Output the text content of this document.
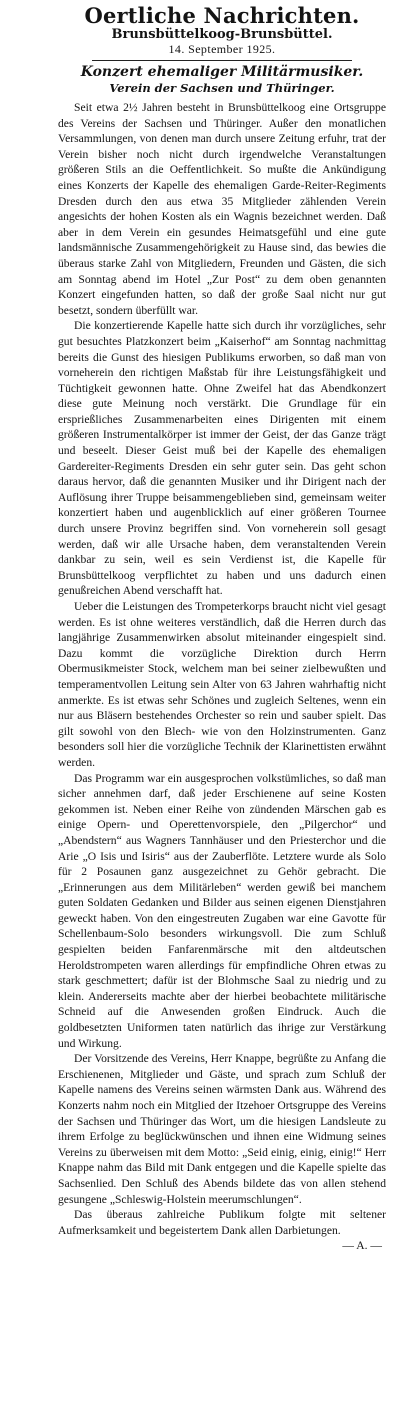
Oertliche Nachrichten.
Brunsbüttelkoog-Brunsbüttel.
14. September 1925.
Konzert ehemaliger Militärmusiker.
Verein der Sachsen und Thüringer.

Seit etwa 2½ Jahren besteht in Brunsbüttelkoog eine Ortsgruppe des Vereins der Sachsen und Thüringer. Außer den monatlichen Versammlungen, von denen man durch unsere Zeitung erfuhr, trat der Verein bisher noch nicht durch irgendwelche Veranstaltungen größeren Stils an die Oeffentlichkeit. So mußte die Ankündigung eines Konzerts der Kapelle des ehemaligen Garde-Reiter-Regiments Dresden durch den aus etwa 35 Mitglieder zählenden Verein angesichts der hohen Kosten als ein Wagnis bezeichnet werden. Daß aber in dem Verein ein gesundes Heimatsgefühl und eine gute landsmännische Zusammengehörigkeit zu Hause sind, das bewies die überaus starke Zahl von Mitgliedern, Freunden und Gästen, die sich am Sonntag abend im Hotel „Zur Post“ zu dem oben genannten Konzert eingefunden hatten, so daß der große Saal nicht nur gut besetzt, sondern überfüllt war.

Die konzertierende Kapelle hatte sich durch ihr vorzügliches, sehr gut besuchtes Platzkonzert beim „Kaiserhof“ am Sonntag nachmittag bereits die Gunst des hiesigen Publikums erworben, so daß man von vorneherein den richtigen Maßstab für ihre Leistungsfähigkeit und Tüchtigkeit gewonnen hatte. Ohne Zweifel hat das Abendkonzert diese gute Meinung noch verstärkt. Die Grundlage für ein ersprießliches Zusammenarbeiten eines Dirigenten mit einem größeren Instrumentalkörper ist immer der Geist, der das Ganze trägt und beseelt. Dieser Geist muß bei der Kapelle des ehemaligen Gardereiter-Regiments Dresden ein sehr guter sein. Das geht schon daraus hervor, daß die genannten Musiker und ihr Dirigent nach der Auflösung ihrer Truppe beisammengeblieben sind, gemeinsam weiter konzertiert haben und augenblicklich auf einer größeren Tournee durch unsere Provinz begriffen sind. Von vorneherein soll gesagt werden, daß wir alle Ursache haben, dem veranstaltenden Verein dankbar zu sein, weil es sein Verdienst ist, die Kapelle für Brunsbüttelkoog verpflichtet zu haben und uns dadurch einen genußreichen Abend verschafft hat.

Ueber die Leistungen des Trompeterkorps braucht nicht viel gesagt werden. Es ist ohne weiteres verständlich, daß die Herren durch das langjährige Zusammenwirken absolut miteinander eingespielt sind. Dazu kommt die vorzügliche Direktion durch Herrn Obermusikmeister Stock, welchem man bei seiner zielbewußten und temperamentvollen Leitung sein Alter von 63 Jahren wahrhaftig nicht anmerkte. Es ist etwas sehr Schönes und zugleich Seltenes, wenn ein nur aus Bläsern bestehendes Orchester so rein und sauber spielt. Das gilt sowohl von den Blech- wie von den Holzinstrumenten. Ganz besonders soll hier die vorzügliche Technik der Klarinettisten erwähnt werden.

Das Programm war ein ausgesprochen volkstümliches, so daß man sicher annehmen darf, daß jeder Erschienene auf seine Kosten gekommen ist. Neben einer Reihe von zündenden Märschen gab es einige Opern- und Operettenvorspiele, den „Pilgerchor“ und „Abendstern“ aus Wagners Tannhäuser und den Priesterchor und die Arie „O Isis und Isiris“ aus der Zauberflöte. Letztere wurde als Solo für 2 Posaunen ganz ausgezeichnet zu Gehör gebracht. Die „Erinnerungen aus dem Militärleben“ werden gewiß bei manchem guten Soldaten Gedanken und Bilder aus seinen eigenen Dienstjahren geweckt haben. Von den eingestreuten Zugaben war eine Gavotte für Schellenbaum-Solo besonders wirkungsvoll. Die zum Schluß gespielten beiden Fanfarenmärsche mit den altdeutschen Heroldstrompeten waren allerdings für empfindliche Ohren etwas zu stark geschmettert; dafür ist der Blohmsche Saal zu niedrig und zu klein. Andererseits machte aber der hierbei beobachtete militärische Schneid auf die Anwesenden großen Eindruck. Auch die goldbesetzten Uniformen taten natürlich das ihrige zur Verstärkung und Wirkung.

Der Vorsitzende des Vereins, Herr Knappe, begrüßte zu Anfang die Erschienenen, Mitglieder und Gäste, und sprach zum Schluß der Kapelle namens des Vereins seinen wärmsten Dank aus. Während des Konzerts nahm noch ein Mitglied der Itzehoer Ortsgruppe des Vereins der Sachsen und Thüringer das Wort, um die hiesigen Landsleute zu ihrem Erfolge zu beglückwünschen und ihnen eine Widmung seines Vereins zu überweisen mit dem Motto: „Seid einig, einig, einig!“ Herr Knappe nahm das Bild mit Dank entgegen und die Kapelle spielte das Sachsenlied. Den Schluß des Abends bildete das von allen stehend gesungene „Schleswig-Holstein meerumschlungen“.

Das überaus zahlreiche Publikum folgte mit seltener Aufmerksamkeit und begeistertem Dank allen Darbietungen.

— A. —
